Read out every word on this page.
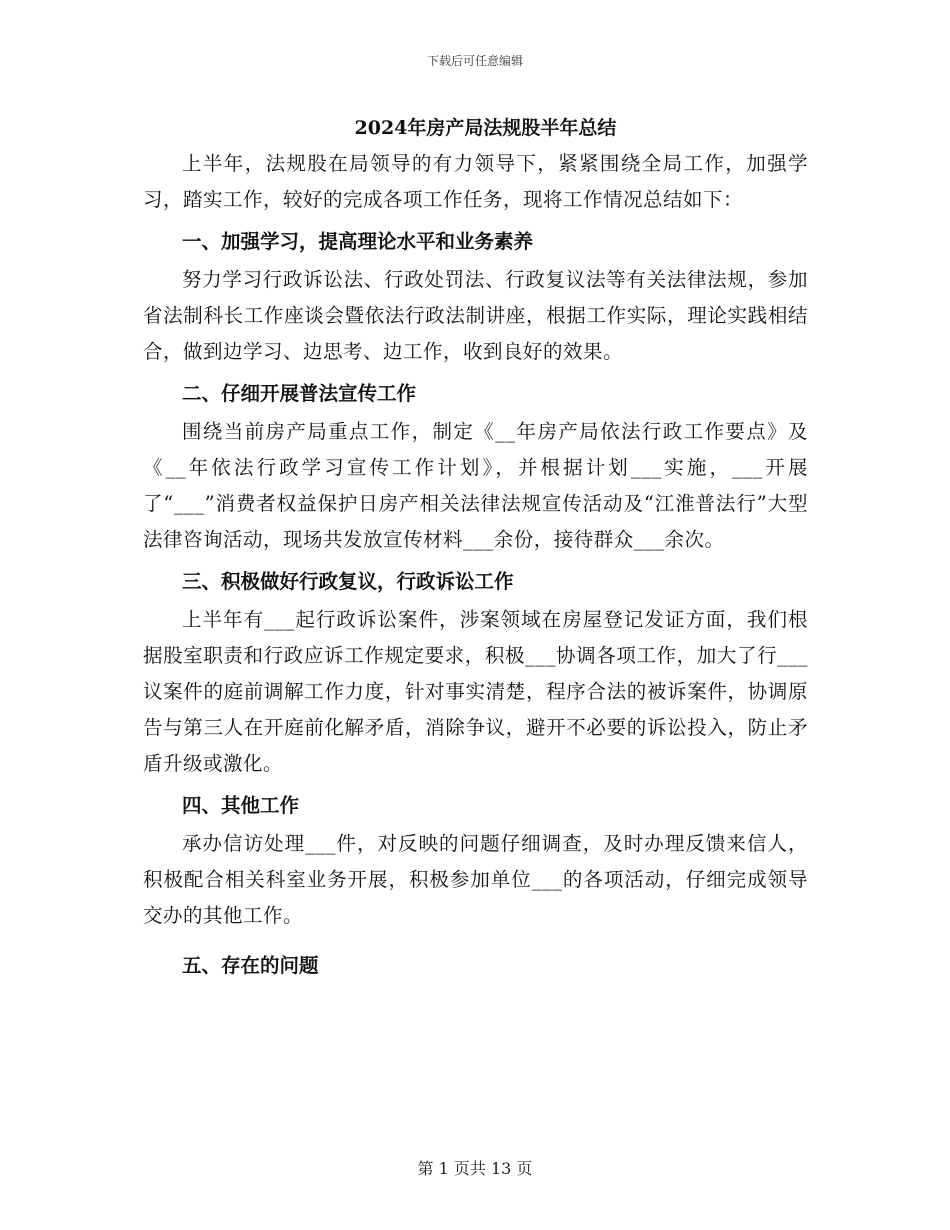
下载后可任意编辑
2024年房产局法规股半年总结

上半年，法规股在局领导的有力领导下，紧紧围绕全局工作，加强学习，踏实工作，较好的完成各项工作任务，现将工作情况总结如下：

一、加强学习，提高理论水平和业务素养

努力学习行政诉讼法、行政处罚法、行政复议法等有关法律法规，参加省法制科长工作座谈会暨依法行政法制讲座，根据工作实际，理论实践相结合，做到边学习、边思考、边工作，收到良好的效果。

二、仔细开展普法宣传工作

围绕当前房产局重点工作，制定《__年房产局依法行政工作要点》及《__年依法行政学习宣传工作计划》，并根据计划___实施，___开展了“___”消费者权益保护日房产相关法律法规宣传活动及“江淮普法行”大型法律咨询活动，现场共发放宣传材料___余份，接待群众___余次。

三、积极做好行政复议，行政诉讼工作

上半年有___起行政诉讼案件，涉案领域在房屋登记发证方面，我们根据股室职责和行政应诉工作规定要求，积极___协调各项工作，加大了行___议案件的庭前调解工作力度，针对事实清楚，程序合法的被诉案件，协调原告与第三人在开庭前化解矛盾，消除争议，避开不必要的诉讼投入，防止矛盾升级或激化。

四、其他工作

承办信访处理___件，对反映的问题仔细调查，及时办理反馈来信人，积极配合相关科室业务开展，积极参加单位___的各项活动，仔细完成领导交办的其他工作。

五、存在的问题
第 1 页共 13 页
